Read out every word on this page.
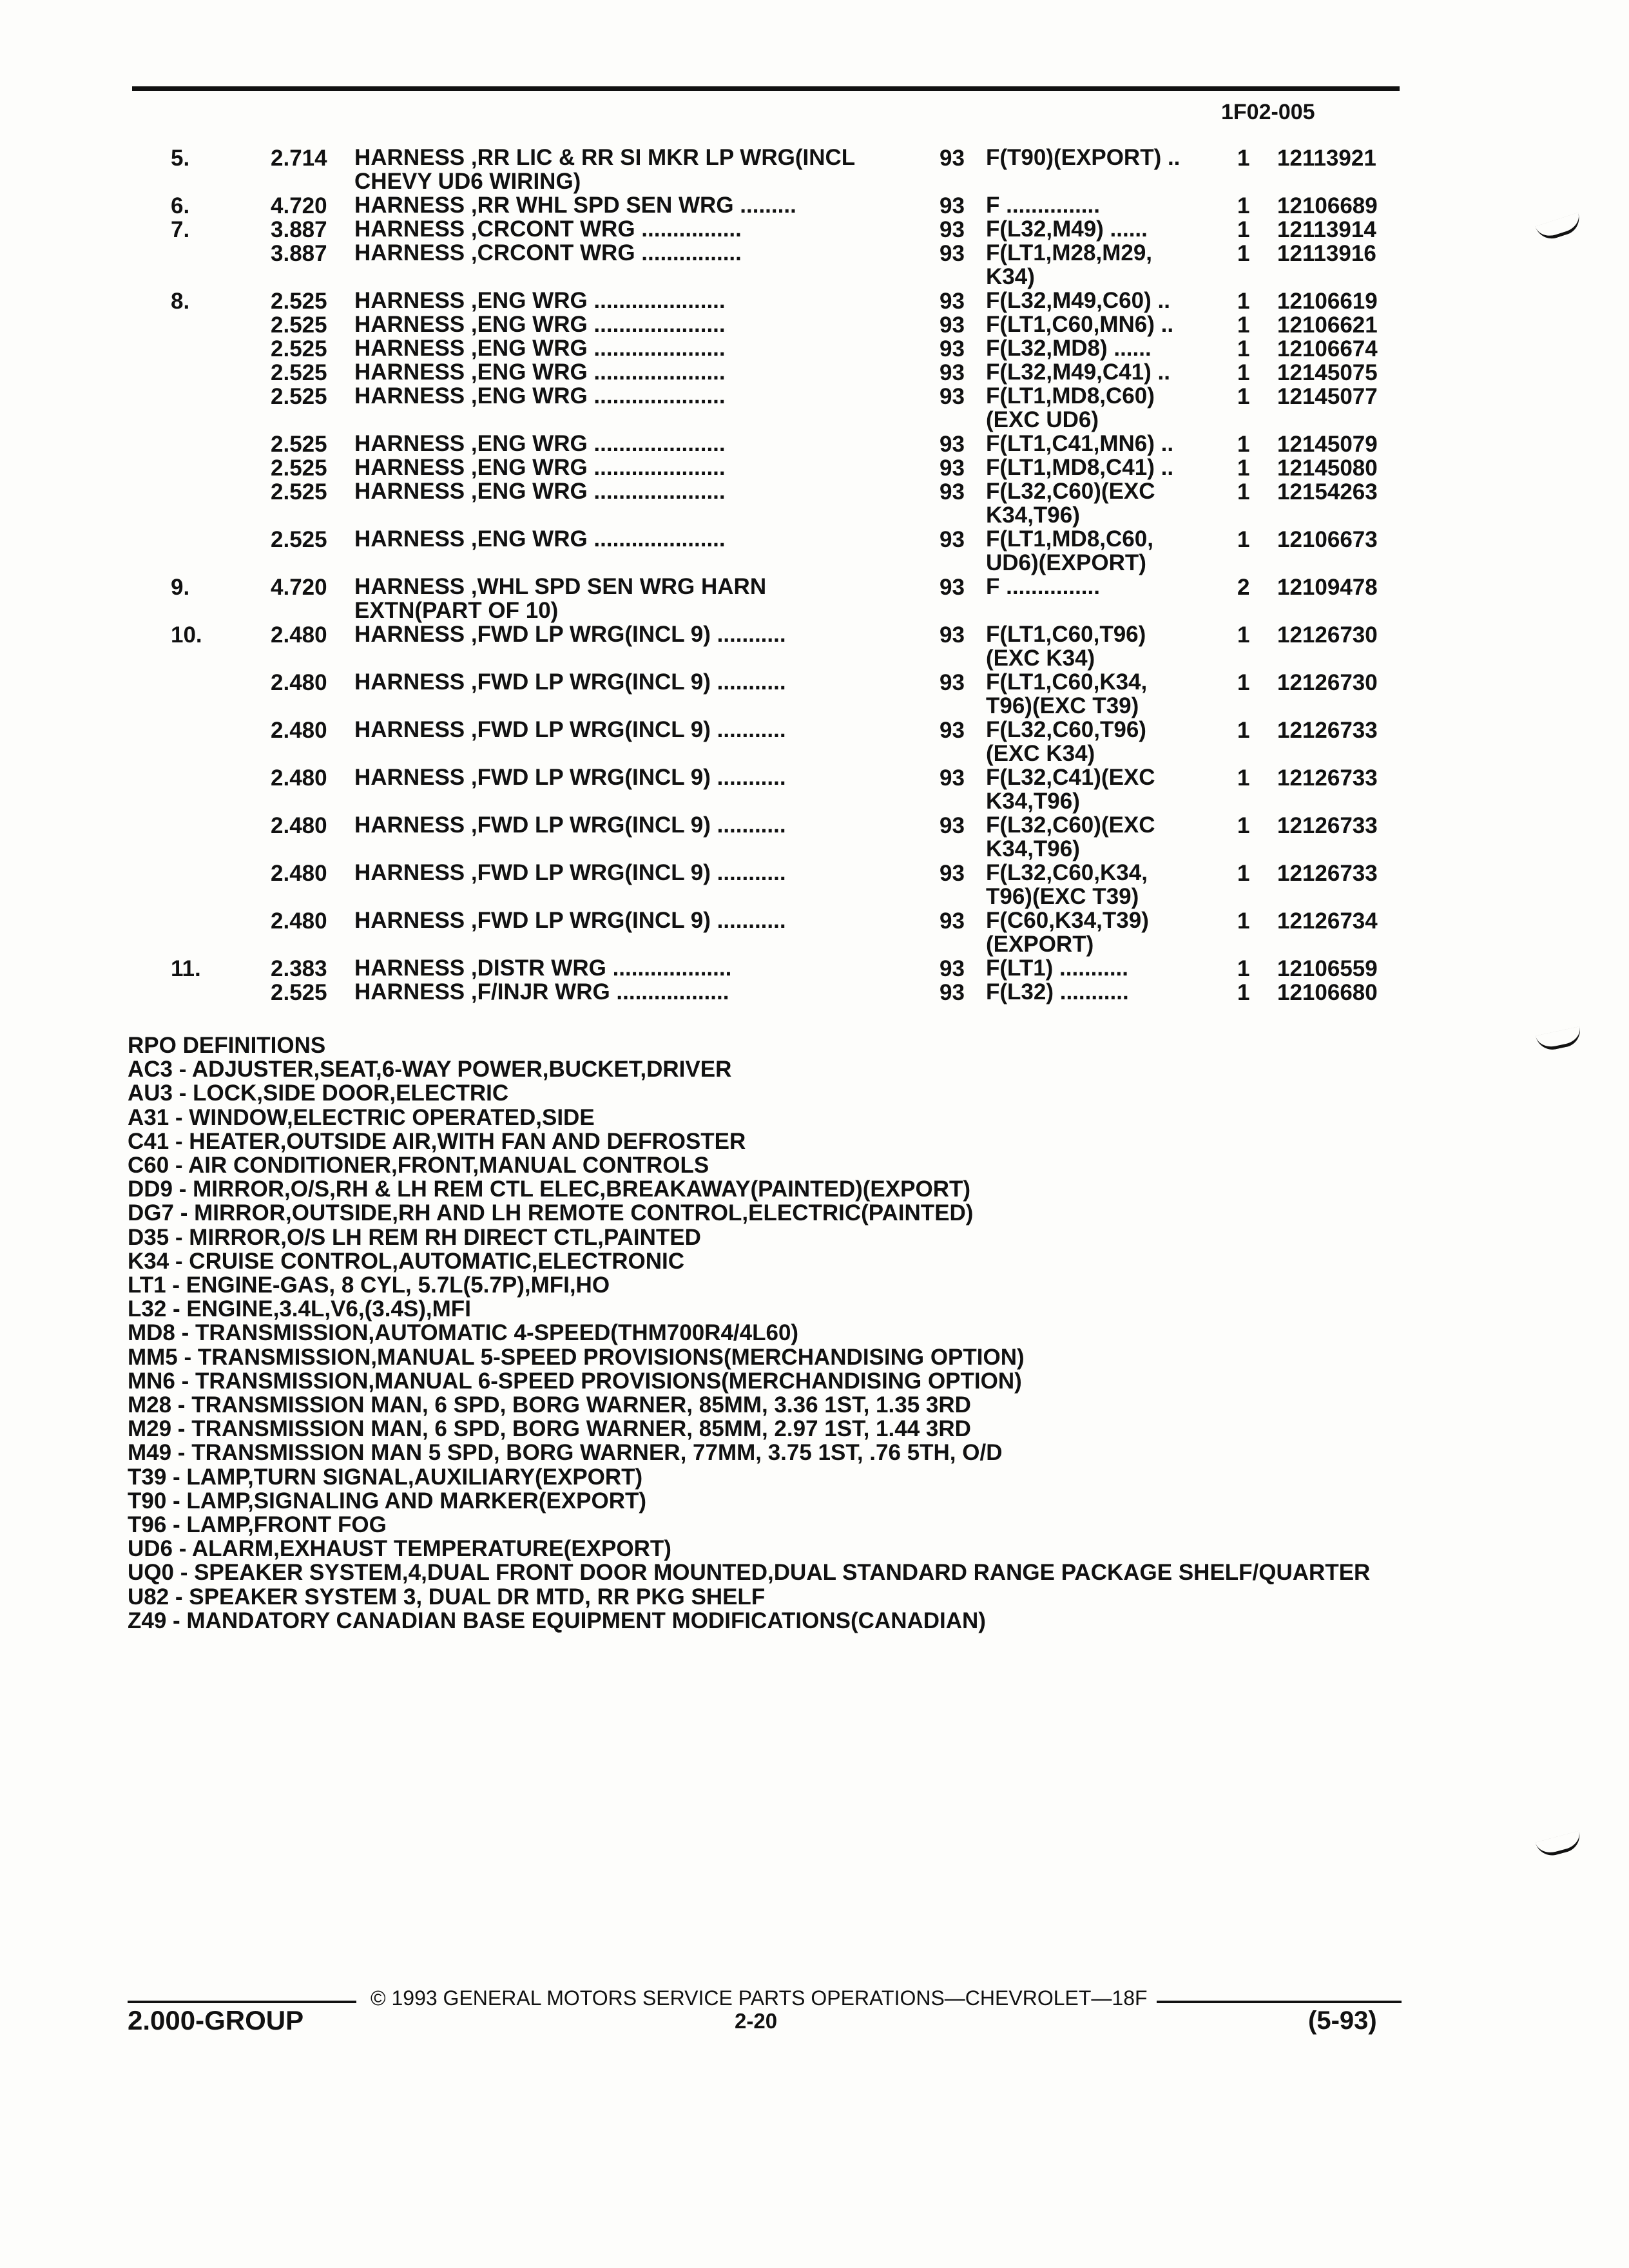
1F02-005
5.	2.714 HARNESS ,RR LIC & RR SI MKR LP WRG(INCL
CHEVY UD6 WIRING)
93 F(T90)(EXPORT) ..	1 12113921
6.	4.720 HARNESS ,RR WHL SPD SEN WRG .........	93 F ...............	1 12106689
7.	3.887 HARNESS ,CRCONT WRG ................	93 F(L32,M49) ......	1 12113914
3.887 HARNESS ,CRCONT WRG ................	93 F(LT1,M28,M29,
K34)
1 12113916
8.	2.525 HARNESS ,ENG WRG .....................	93 F(L32,M49,C60) ..	1 12106619
2.525 HARNESS ,ENG WRG .....................	93 F(LT1,C60,MN6) ..	1 12106621
2.525 HARNESS ,ENG WRG .....................	93 F(L32,MD8) ......	1 12106674
2.525 HARNESS ,ENG WRG .....................	93 F(L32,M49,C41) ..	1 12145075
2.525 HARNESS ,ENG WRG .....................	93 F(LT1,MD8,C60)
(EXC UD6)
1 12145077
2.525 HARNESS ,ENG WRG .....................	93 F(LT1,C41,MN6) ..	1 12145079
2.525 HARNESS ,ENG WRG .....................	93 F(LT1,MD8,C41) ..	1 12145080
2.525 HARNESS ,ENG WRG .....................	93 F(L32,C60)(EXC
K34,T96)
1 12154263
2.525 HARNESS ,ENG WRG .....................	93 F(LT1,MD8,C60,
UD6)(EXPORT)
1 12106673
9.	4.720 HARNESS ,WHL SPD SEN WRG HARN
EXTN(PART OF 10)
93 F ...............	2 12109478
10.	2.480 HARNESS ,FWD LP WRG(INCL 9) ...........	93 F(LT1,C60,T96)
(EXC K34)
1 12126730
2.480 HARNESS ,FWD LP WRG(INCL 9) ...........	93 F(LT1,C60,K34,
T96)(EXC T39)
1 12126730
2.480 HARNESS ,FWD LP WRG(INCL 9) ...........	93 F(L32,C60,T96)
(EXC K34)
1 12126733
2.480 HARNESS ,FWD LP WRG(INCL 9) ...........	93 F(L32,C41)(EXC
K34,T96)
1 12126733
2.480 HARNESS ,FWD LP WRG(INCL 9) ...........	93 F(L32,C60)(EXC
K34,T96)
1 12126733
2.480 HARNESS ,FWD LP WRG(INCL 9) ...........	93 F(L32,C60,K34,
T96)(EXC T39)
1 12126733
2.480 HARNESS ,FWD LP WRG(INCL 9) ...........	93 F(C60,K34,T39)
(EXPORT)
1 12126734
11.	2.383 HARNESS ,DISTR WRG ...................	93 F(LT1) ...........	1 12106559
2.525 HARNESS ,F/INJR WRG ..................	93 F(L32) ...........	1 12106680
RPO DEFINITIONS
AC3 - ADJUSTER,SEAT,6-WAY POWER,BUCKET,DRIVER
AU3 - LOCK,SIDE DOOR,ELECTRIC
A31 - WINDOW,ELECTRIC OPERATED,SIDE
C41 - HEATER,OUTSIDE AIR,WITH FAN AND DEFROSTER
C60 - AIR CONDITIONER,FRONT,MANUAL CONTROLS
DD9 - MIRROR,O/S,RH & LH REM CTL ELEC,BREAKAWAY(PAINTED)(EXPORT)
DG7 - MIRROR,OUTSIDE,RH AND LH REMOTE CONTROL,ELECTRIC(PAINTED)
D35 - MIRROR,O/S LH REM RH DIRECT CTL,PAINTED
K34 - CRUISE CONTROL,AUTOMATIC,ELECTRONIC
LT1 - ENGINE-GAS, 8 CYL, 5.7L(5.7P),MFI,HO
L32 - ENGINE,3.4L,V6,(3.4S),MFI
MD8 - TRANSMISSION,AUTOMATIC 4-SPEED(THM700R4/4L60)
MM5 - TRANSMISSION,MANUAL 5-SPEED PROVISIONS(MERCHANDISING OPTION)
MN6 - TRANSMISSION,MANUAL 6-SPEED PROVISIONS(MERCHANDISING OPTION)
M28 - TRANSMISSION MAN, 6 SPD, BORG WARNER, 85MM, 3.36 1ST, 1.35 3RD
M29 - TRANSMISSION MAN, 6 SPD, BORG WARNER, 85MM, 2.97 1ST, 1.44 3RD
M49 - TRANSMISSION MAN 5 SPD, BORG WARNER, 77MM, 3.75 1ST, .76 5TH, O/D
T39 - LAMP,TURN SIGNAL,AUXILIARY(EXPORT)
T90 - LAMP,SIGNALING AND MARKER(EXPORT)
T96 - LAMP,FRONT FOG
UD6 - ALARM,EXHAUST TEMPERATURE(EXPORT)
UQ0 - SPEAKER SYSTEM,4,DUAL FRONT DOOR MOUNTED,DUAL STANDARD RANGE PACKAGE SHELF/QUARTER
U82 - SPEAKER SYSTEM 3, DUAL DR MTD, RR PKG SHELF
Z49 - MANDATORY CANADIAN BASE EQUIPMENT MODIFICATIONS(CANADIAN)
© 1993 GENERAL MOTORS SERVICE PARTS OPERATIONS—CHEVROLET—18F
2.000-GROUP	2-20	(5-93)
